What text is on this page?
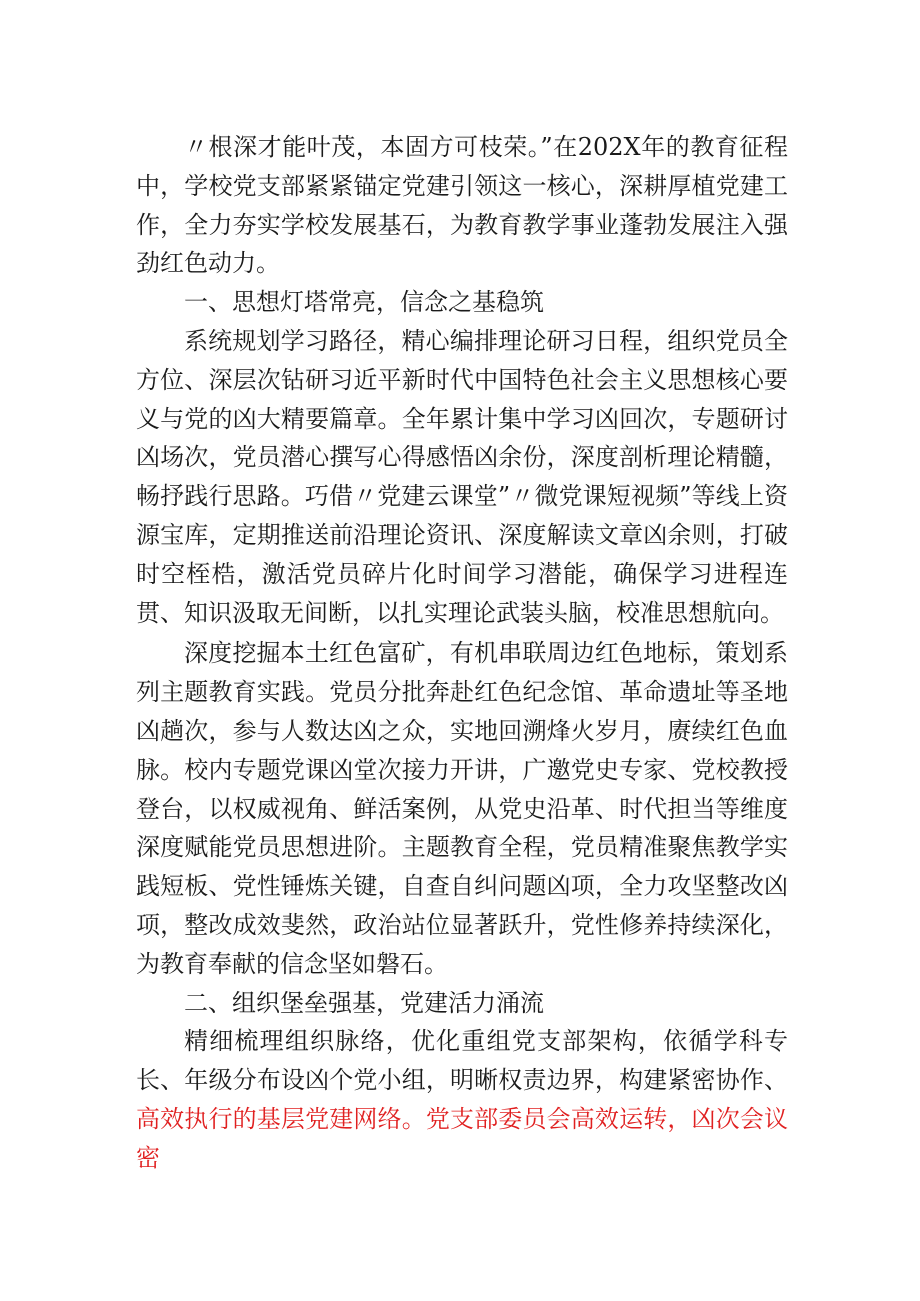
〃根深才能叶茂，本固方可枝荣。”在202X年的教育征程中，学校党支部紧紧锚定党建引领这一核心，深耕厚植党建工作，全力夯实学校发展基石，为教育教学事业蓬勃发展注入强劲红色动力。

一、思想灯塔常亮，信念之基稳筑

系统规划学习路径，精心编排理论研习日程，组织党员全方位、深层次钻研习近平新时代中国特色社会主义思想核心要义与党的凶大精要篇章。全年累计集中学习凶回次，专题研讨凶场次，党员潜心撰写心得感悟凶余份，深度剖析理论精髓，畅抒践行思路。巧借〃党建云课堂”〃微党课短视频”等线上资源宝库，定期推送前沿理论资讯、深度解读文章凶余则，打破时空桎梏，激活党员碎片化时间学习潜能，确保学习进程连贯、知识汲取无间断，以扎实理论武装头脑，校准思想航向。

深度挖掘本土红色富矿，有机串联周边红色地标，策划系列主题教育实践。党员分批奔赴红色纪念馆、革命遗址等圣地凶趟次，参与人数达凶之众，实地回溯烽火岁月，赓续红色血脉。校内专题党课凶堂次接力开讲，广邀党史专家、党校教授登台，以权威视角、鲜活案例，从党史沿革、时代担当等维度深度赋能党员思想进阶。主题教育全程，党员精准聚焦教学实践短板、党性锤炼关键，自查自纠问题凶项，全力攻坚整改凶项，整改成效斐然，政治站位显著跃升，党性修养持续深化，为教育奉献的信念坚如磐石。

二、组织堡垒强基，党建活力涌流

精细梳理组织脉络，优化重组党支部架构，依循学科专长、年级分布设凶个党小组，明晰权责边界，构建紧密协作、高效执行的基层党建网络。党支部委员会高效运转，凶次会议密
